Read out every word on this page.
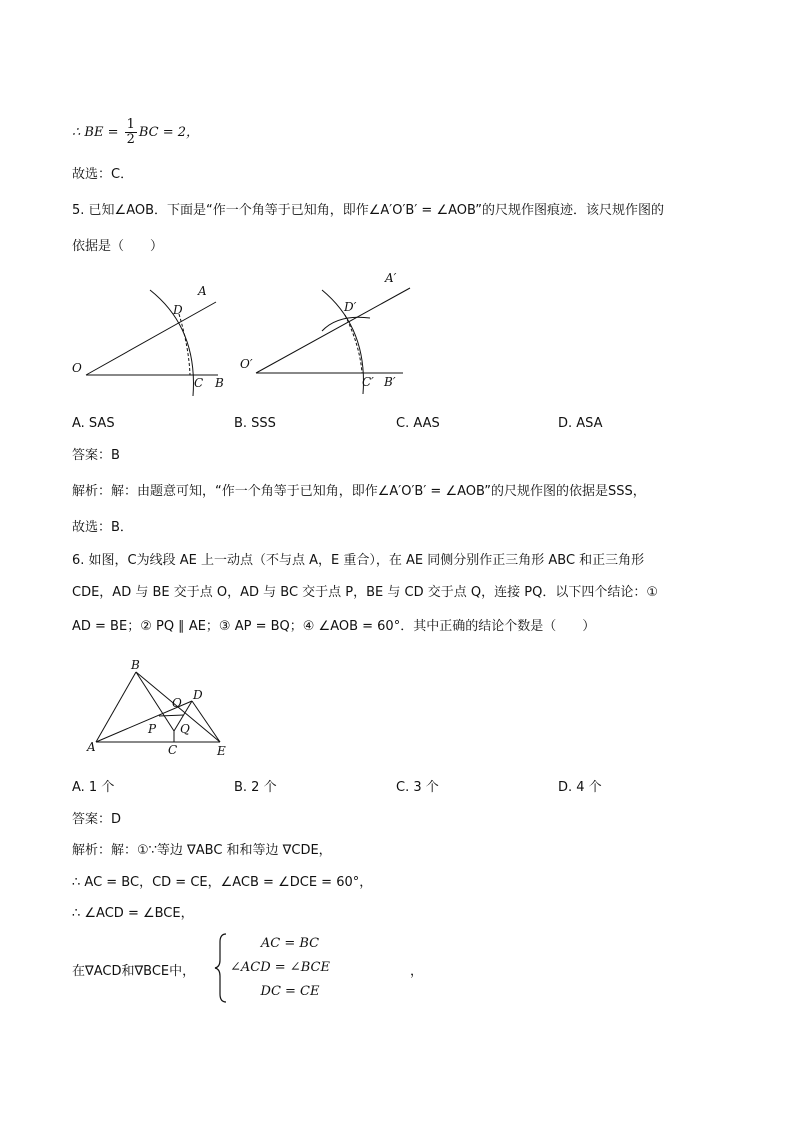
∴ BE = $\frac{1}{2}$ BC = 2，
故选：C．
5. 已知∠AOB．下面是“作一个角等于已知角，即作∠A′O′B′ = ∠AOB”的尺规作图痕迹．该尺规作图的
依据是（　　）
O
A
D
C B
O′
A′
D′
C′ B′
A. SAS	B. SSS	C. AAS	D. ASA
答案：B
解析：解：由题意可知，“作一个角等于已知角，即作∠A′O′B′ = ∠AOB”的尺规作图的依据是SSS，
故选：B．
6. 如图，C为线段 AE 上一动点（不与点 A，E 重合），在 AE 同侧分别作正三角形 ABC 和正三角形
CDE，AD 与 BE 交于点 O，AD 与 BC 交于点 P，BE 与 CD 交于点 Q，连接 PQ．以下四个结论：①
AD = BE；② PQ ∥ AE；③ AP = BQ；④ ∠AOB = 60°．其中正确的结论个数是（　　）
A
B
C
D
E
O
P Q
A. 1 个	B. 2 个	C. 3 个	D. 4 个
答案：D
解析：解：①∵等边 ∇ABC 和和等边 ∇CDE，
∴ AC = BC，CD = CE，∠ACB = ∠DCE = 60°，
∴ ∠ACD = ∠BCE，
在∇ACD和∇BCE中，
AC = BC
∠ACD = ∠BCE
DC = CE
，
